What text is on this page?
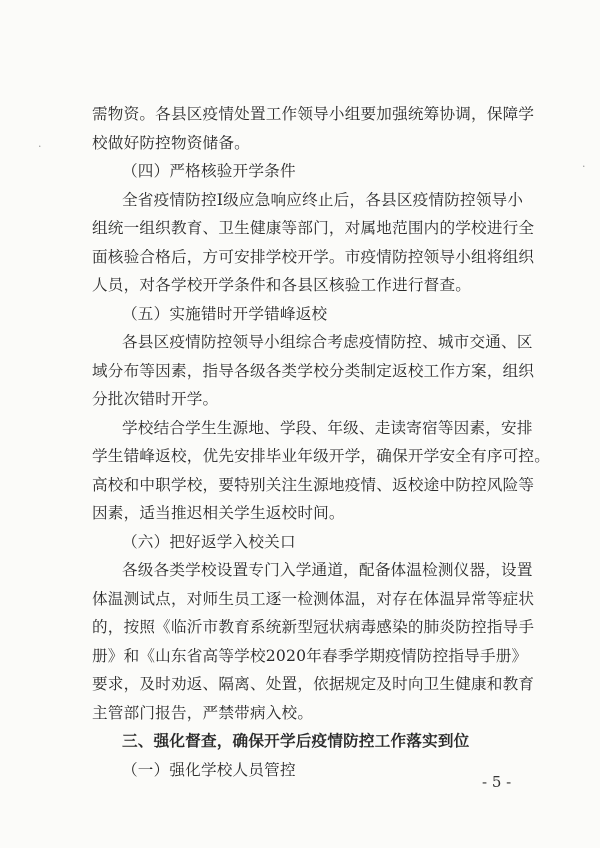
·
·
需物资。各县区疫情处置工作领导小组要加强统筹协调，保障学
校做好防控物资储备。
（四）严格核验开学条件
全省疫情防控Ⅰ级应急响应终止后，各县区疫情防控领导小
组统一组织教育、卫生健康等部门，对属地范围内的学校进行全
面核验合格后，方可安排学校开学。市疫情防控领导小组将组织
人员，对各学校开学条件和各县区核验工作进行督查。
（五）实施错时开学错峰返校
各县区疫情防控领导小组综合考虑疫情防控、城市交通、区
域分布等因素，指导各级各类学校分类制定返校工作方案，组织
分批次错时开学。
学校结合学生生源地、学段、年级、走读寄宿等因素，安排
学生错峰返校，优先安排毕业年级开学，确保开学安全有序可控。
高校和中职学校，要特别关注生源地疫情、返校途中防控风险等
因素，适当推迟相关学生返校时间。
（六）把好返学入校关口
各级各类学校设置专门入学通道，配备体温检测仪器，设置
体温测试点，对师生员工逐一检测体温，对存在体温异常等症状
的，按照《临沂市教育系统新型冠状病毒感染的肺炎防控指导手
册》和《山东省高等学校2020年春季学期疫情防控指导手册》
要求，及时劝返、隔离、处置，依据规定及时向卫生健康和教育
主管部门报告，严禁带病入校。
三、强化督查，确保开学后疫情防控工作落实到位
（一）强化学校人员管控
- 5 -
